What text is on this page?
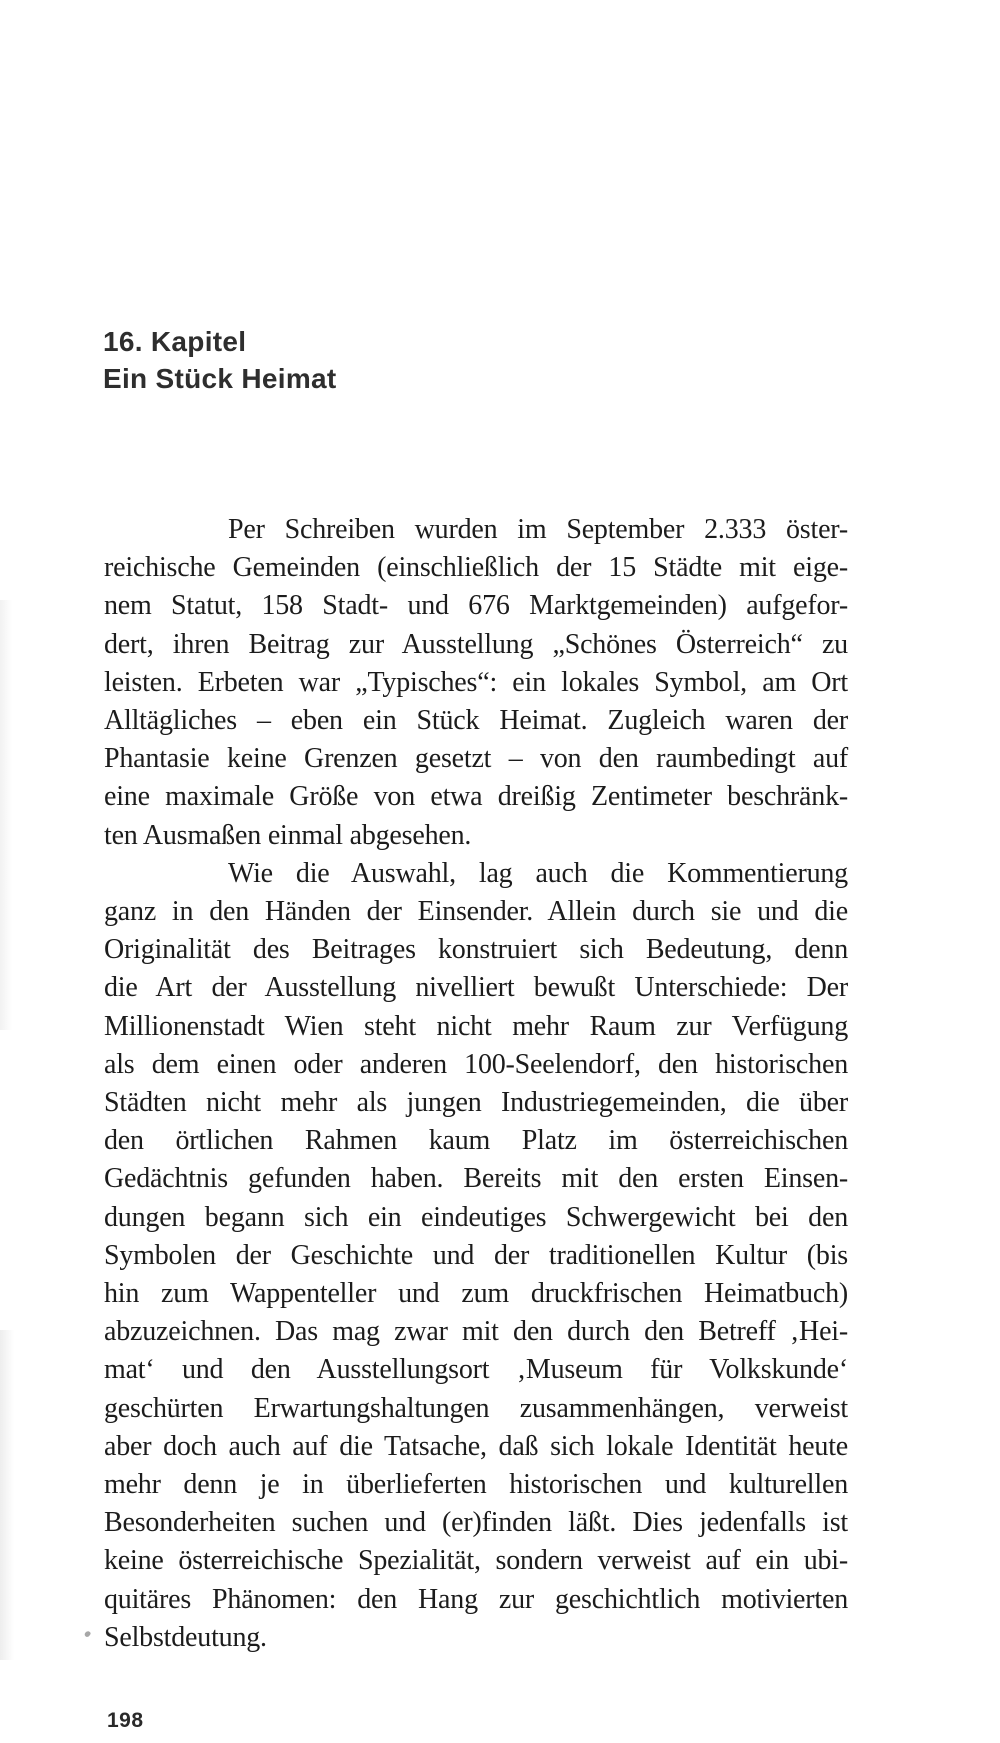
16. Kapitel
Ein Stück Heimat
Per Schreiben wurden im September 2.333 öster-
reichische Gemeinden (einschließlich der 15 Städte mit eige-
nem Statut, 158 Stadt- und 676 Marktgemeinden) aufgefor-
dert, ihren Beitrag zur Ausstellung „Schönes Österreich“ zu
leisten. Erbeten war „Typisches“: ein lokales Symbol, am Ort
Alltägliches – eben ein Stück Heimat. Zugleich waren der
Phantasie keine Grenzen gesetzt – von den raumbedingt auf
eine maximale Größe von etwa dreißig Zentimeter beschränk-
ten Ausmaßen einmal abgesehen.
Wie die Auswahl, lag auch die Kommentierung
ganz in den Händen der Einsender. Allein durch sie und die
Originalität des Beitrages konstruiert sich Bedeutung, denn
die Art der Ausstellung nivelliert bewußt Unterschiede: Der
Millionenstadt Wien steht nicht mehr Raum zur Verfügung
als dem einen oder anderen 100-Seelendorf, den historischen
Städten nicht mehr als jungen Industriegemeinden, die über
den örtlichen Rahmen kaum Platz im österreichischen
Gedächtnis gefunden haben. Bereits mit den ersten Einsen-
dungen begann sich ein eindeutiges Schwergewicht bei den
Symbolen der Geschichte und der traditionellen Kultur (bis
hin zum Wappenteller und zum druckfrischen Heimatbuch)
abzuzeichnen. Das mag zwar mit den durch den Betreff ‚Hei-
mat‘ und den Ausstellungsort ‚Museum für Volkskunde‘
geschürten Erwartungshaltungen zusammenhängen, verweist
aber doch auch auf die Tatsache, daß sich lokale Identität heute
mehr denn je in überlieferten historischen und kulturellen
Besonderheiten suchen und (er)finden läßt. Dies jedenfalls ist
keine österreichische Spezialität, sondern verweist auf ein ubi-
quitäres Phänomen: den Hang zur geschichtlich motivierten
Selbstdeutung.
198
